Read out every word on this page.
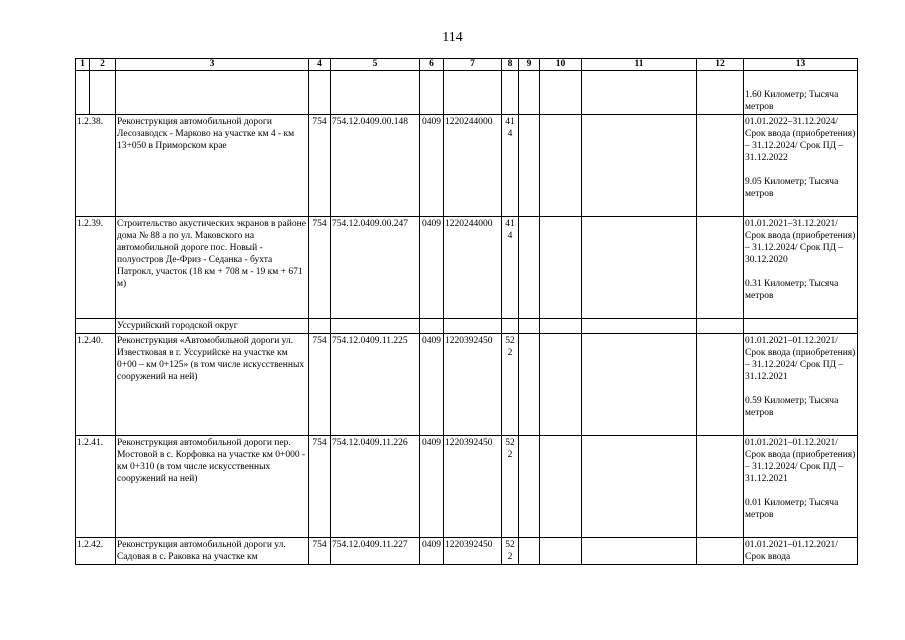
114
1	2	3	4	5	6	7	8	9	10	11	12	13

												1.60 Километр; Тысяча метров

1.2.38.		Реконструкция автомобильной дороги Лесозаводск - Марково на участке км 4 - км 13+050 в Приморском крае	754	754.12.0409.00.148	0409	1220244000	414					01.01.2022–31.12.2024/ Срок ввода (приобретения) – 31.12.2024/ Срок ПД – 31.12.2022
9.05 Километр; Тысяча метров

1.2.39.		Строительство акустических экранов в районе дома № 88 а по ул. Маковского на автомобильной дороге пос. Новый - полуостров Де-Фриз - Седанка - бухта Патрокл, участок (18 км + 708 м - 19 км + 671 м)	754	754.12.0409.00.247	0409	1220244000	414					01.01.2021–31.12.2021/ Срок ввода (приобретения) – 31.12.2024/ Срок ПД – 30.12.2020
0.31 Километр; Тысяча метров

		Уссурийский городской округ										
1.2.40.		Реконструкция «Автомобильной дороги ул. Известковая в г. Уссурийске на участке км 0+00 – км 0+125» (в том числе искусственных сооружений на ней)	754	754.12.0409.11.225	0409	1220392450	522					01.01.2021–01.12.2021/ Срок ввода (приобретения) – 31.12.2024/ Срок ПД – 31.12.2021
0.59 Километр; Тысяча метров

1.2.41.		Реконструкция автомобильной дороги пер. Мостовой в с. Корфовка на участке км 0+000 - км 0+310 (в том числе искусственных сооружений на ней)	754	754.12.0409.11.226	0409	1220392450	522					01.01.2021–01.12.2021/ Срок ввода (приобретения) – 31.12.2024/ Срок ПД – 31.12.2021
0.01 Километр; Тысяча метров

1.2.42.		Реконструкция автомобильной дороги ул. Садовая в с. Раковка на участке км	754	754.12.0409.11.227	0409	1220392450	522					01.01.2021–01.12.2021/ Срок ввода
